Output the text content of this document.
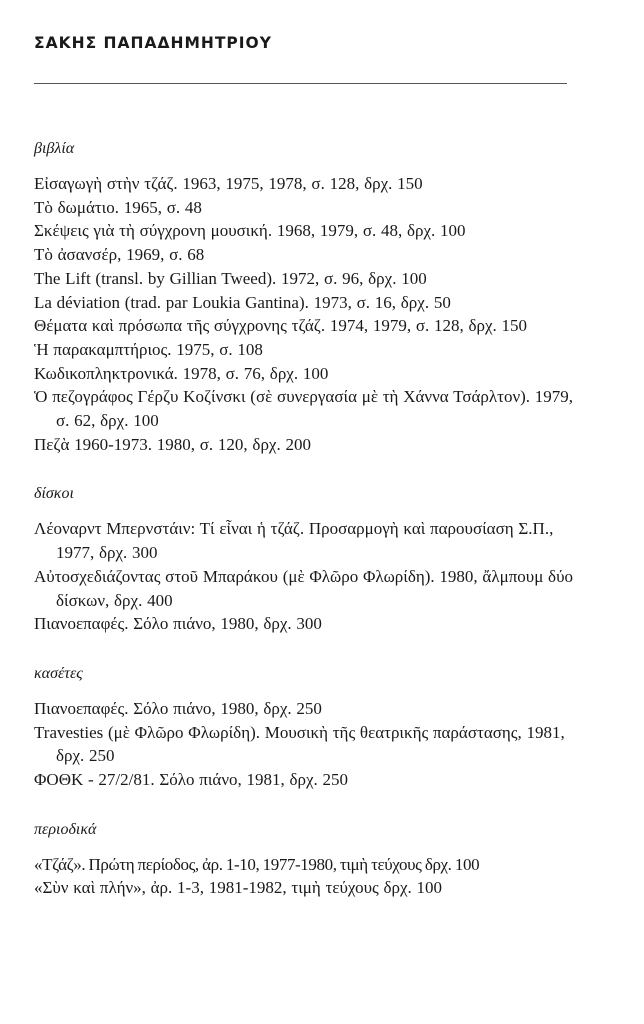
ΣΑΚΗΣ ΠΑΠΑΔΗΜΗΤΡΙΟΥ
βιβλία
Εἰσαγωγὴ στὴν τζάζ. 1963, 1975, 1978, σ. 128, δρχ. 150
Τὸ δωμάτιο. 1965, σ. 48
Σκέψεις γιὰ τὴ σύγχρονη μουσική. 1968, 1979, σ. 48, δρχ. 100
Τὸ ἀσανσέρ, 1969, σ. 68
The Lift (transl. by Gillian Tweed). 1972, σ. 96, δρχ. 100
La déviation (trad. par Loukia Gantina). 1973, σ. 16, δρχ. 50
Θέματα καὶ πρόσωπα τῆς σύγχρονης τζάζ. 1974, 1979, σ. 128, δρχ. 150
Ἡ παρακαμπτήριος. 1975, σ. 108
Κωδικοπληκτρονικά. 1978, σ. 76, δρχ. 100
Ὁ πεζογράφος Γέρζυ Κοζίνσκι (σὲ συνεργασία μὲ τὴ Χάννα Τσάρλτον). 1979, σ. 62, δρχ. 100
Πεζὰ 1960-1973. 1980, σ. 120, δρχ. 200
δίσκοι
Λέοναρντ Μπερνστάιν: Τί εἶναι ἡ τζάζ. Προσαρμογὴ καὶ παρουσίαση Σ.Π., 1977, δρχ. 300
Αὐτοσχεδιάζοντας στοῦ Μπαράκου (μὲ Φλῶρο Φλωρίδη). 1980, ἄλμπουμ δύο δίσκων, δρχ. 400
Πιανοεπαφές. Σόλο πιάνο, 1980, δρχ. 300
κασέτες
Πιανοεπαφές. Σόλο πιάνο, 1980, δρχ. 250
Travesties (μὲ Φλῶρο Φλωρίδη). Μουσικὴ τῆς θεατρικῆς παράστασης, 1981, δρχ. 250
ΦΟΘΚ - 27/2/81. Σόλο πιάνο, 1981, δρχ. 250
περιοδικά
«Τζάζ». Πρώτη περίοδος, ἀρ. 1-10, 1977-1980, τιμὴ τεύχους δρχ. 100
«Σὺν καὶ πλήν», ἀρ. 1-3, 1981-1982, τιμὴ τεύχους δρχ. 100
